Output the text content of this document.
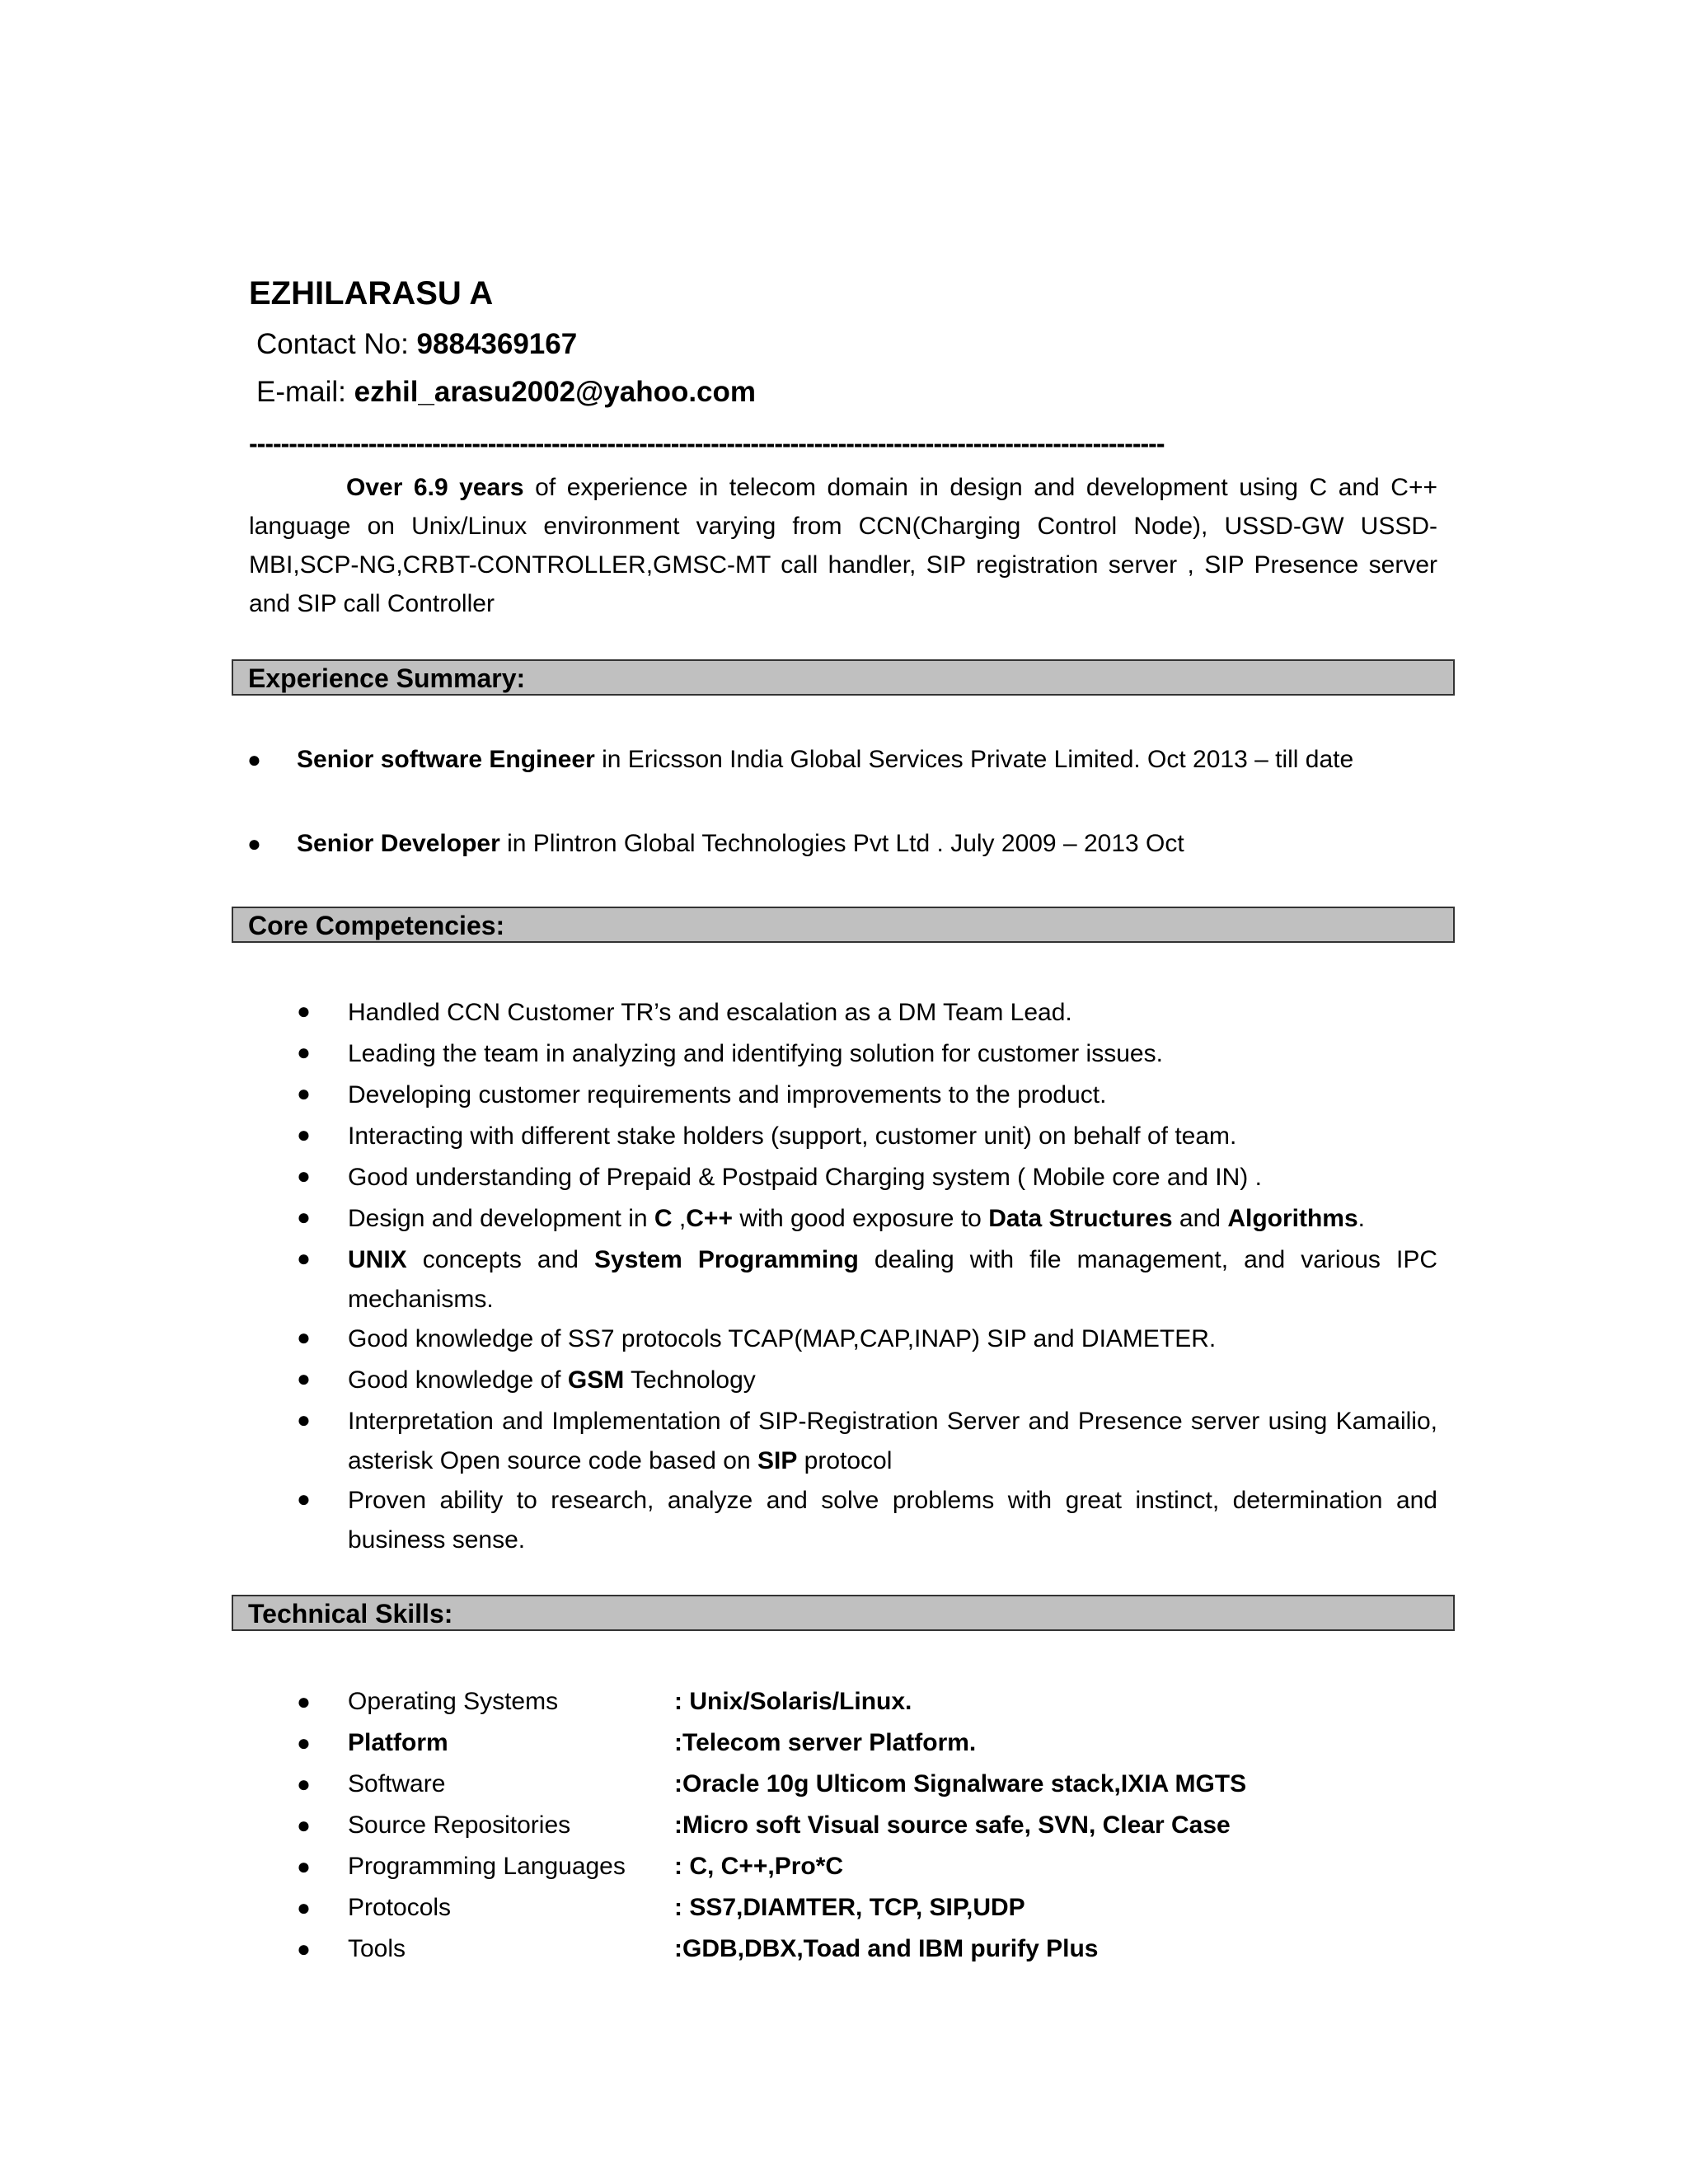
EZHILARASU A
Contact No: 9884369167
E-mail: ezhil_arasu2002@yahoo.com
-------------------------------------------------------------------------------------------------------------------
Over 6.9 years of experience in telecom domain in design and development using C and C++ language on Unix/Linux environment varying from CCN(Charging Control Node), USSD-GW USSD-MBI,SCP-NG,CRBT-CONTROLLER,GMSC-MT call handler, SIP registration server , SIP Presence server and SIP call Controller
Experience Summary:
● Senior software Engineer in Ericsson India Global Services Private Limited. Oct 2013 – till date
● Senior Developer in Plintron Global Technologies Pvt Ltd . July 2009 – 2013 Oct
Core Competencies:
● Handled CCN Customer TR’s and escalation as a DM Team Lead.
● Leading the team in analyzing and identifying solution for customer issues.
● Developing customer requirements and improvements to the product.
● Interacting with different stake holders (support, customer unit) on behalf of team.
● Good understanding of Prepaid & Postpaid Charging system ( Mobile core and IN) .
● Design and development in C ,C++ with good exposure to Data Structures and Algorithms.
● UNIX concepts and System Programming dealing with file management, and various IPC mechanisms.
● Good knowledge of SS7 protocols TCAP(MAP,CAP,INAP) SIP and DIAMETER.
● Good knowledge of GSM Technology
● Interpretation and Implementation of SIP-Registration Server and Presence server using Kamailio, asterisk Open source code based on SIP protocol
● Proven ability to research, analyze and solve problems with great instinct, determination and business sense.
Technical Skills:
● Operating Systems	: Unix/Solaris/Linux.
● Platform	:Telecom server Platform.
● Software	:Oracle 10g Ulticom Signalware stack,IXIA MGTS
● Source Repositories	:Micro soft Visual source safe, SVN, Clear Case
● Programming Languages : C, C++,Pro*C
● Protocols	: SS7,DIAMTER, TCP, SIP,UDP
● Tools	:GDB,DBX,Toad and IBM purify Plus
